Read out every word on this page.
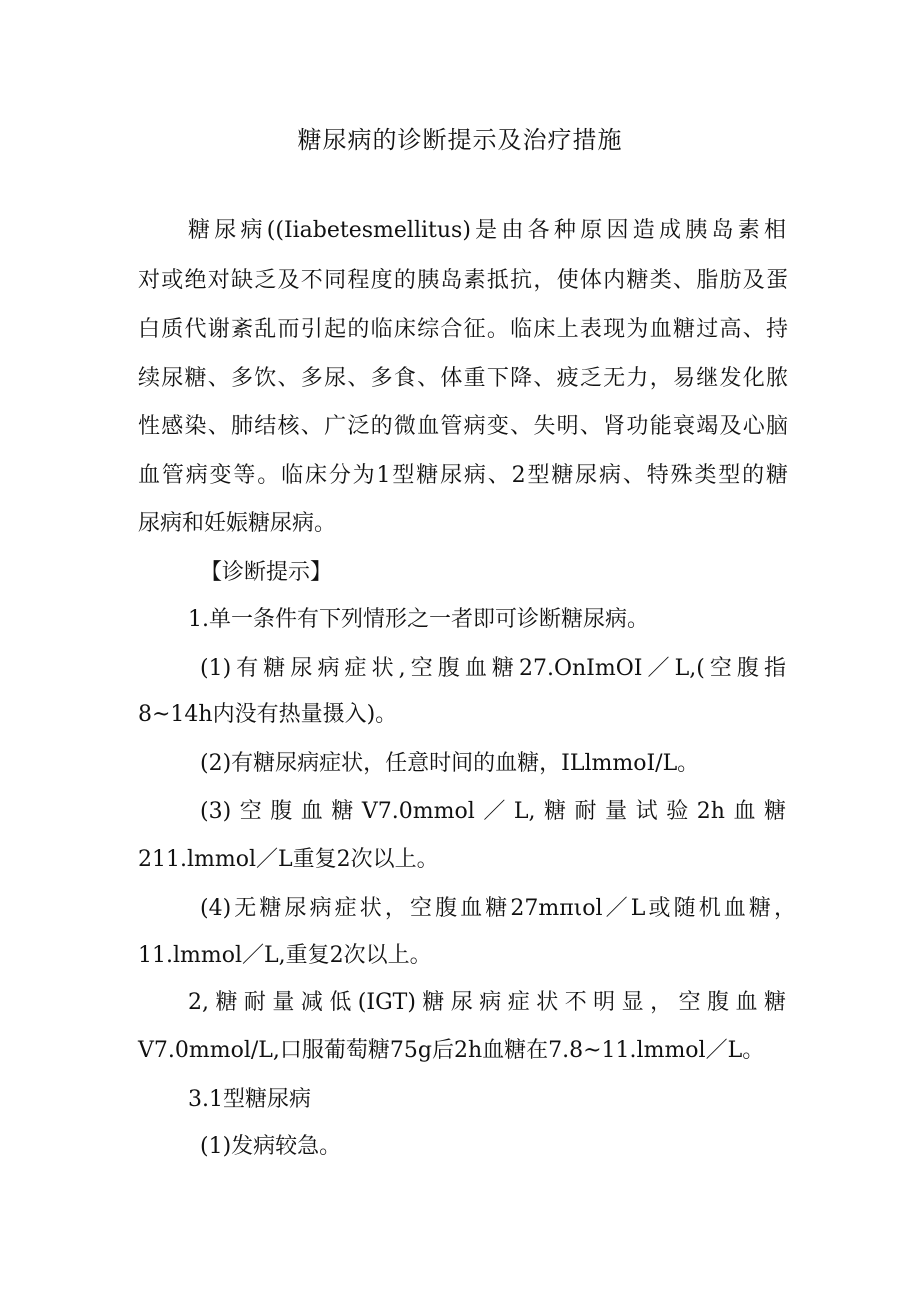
糖尿病的诊断提示及治疗措施
糖尿病((Iiabetesmellitus)是由各种原因造成胰岛素相
对或绝对缺乏及不同程度的胰岛素抵抗，使体内糖类、脂肪及蛋
白质代谢紊乱而引起的临床综合征。临床上表现为血糖过高、持
续尿糖、多饮、多尿、多食、体重下降、疲乏无力，易继发化脓
性感染、肺结核、广泛的微血管病变、失明、肾功能衰竭及心脑
血管病变等。临床分为1型糖尿病、2型糖尿病、特殊类型的糖
尿病和妊娠糖尿病。
【诊断提示】
1.单一条件有下列情形之一者即可诊断糖尿病。
(1)有糖尿病症状,空腹血糖27.OnImOI／L,(空腹指
8~14h内没有热量摄入)。
(2)有糖尿病症状，任意时间的血糖，ILlmmoI/L。
(3)空腹血糖V7.0mmol／L,糖耐量试验2h血糖
211.lmmol／L重复2次以上。
(4)无糖尿病症状，空腹血糖27mπιol／L或随机血糖，
11.lmmol／L,重复2次以上。
2,糖耐量减低(IGT)糖尿病症状不明显，空腹血糖
V7.0mmol/L,口服葡萄糖75g后2h血糖在7.8~11.lmmol／L。
3.1型糖尿病
(1)发病较急。
